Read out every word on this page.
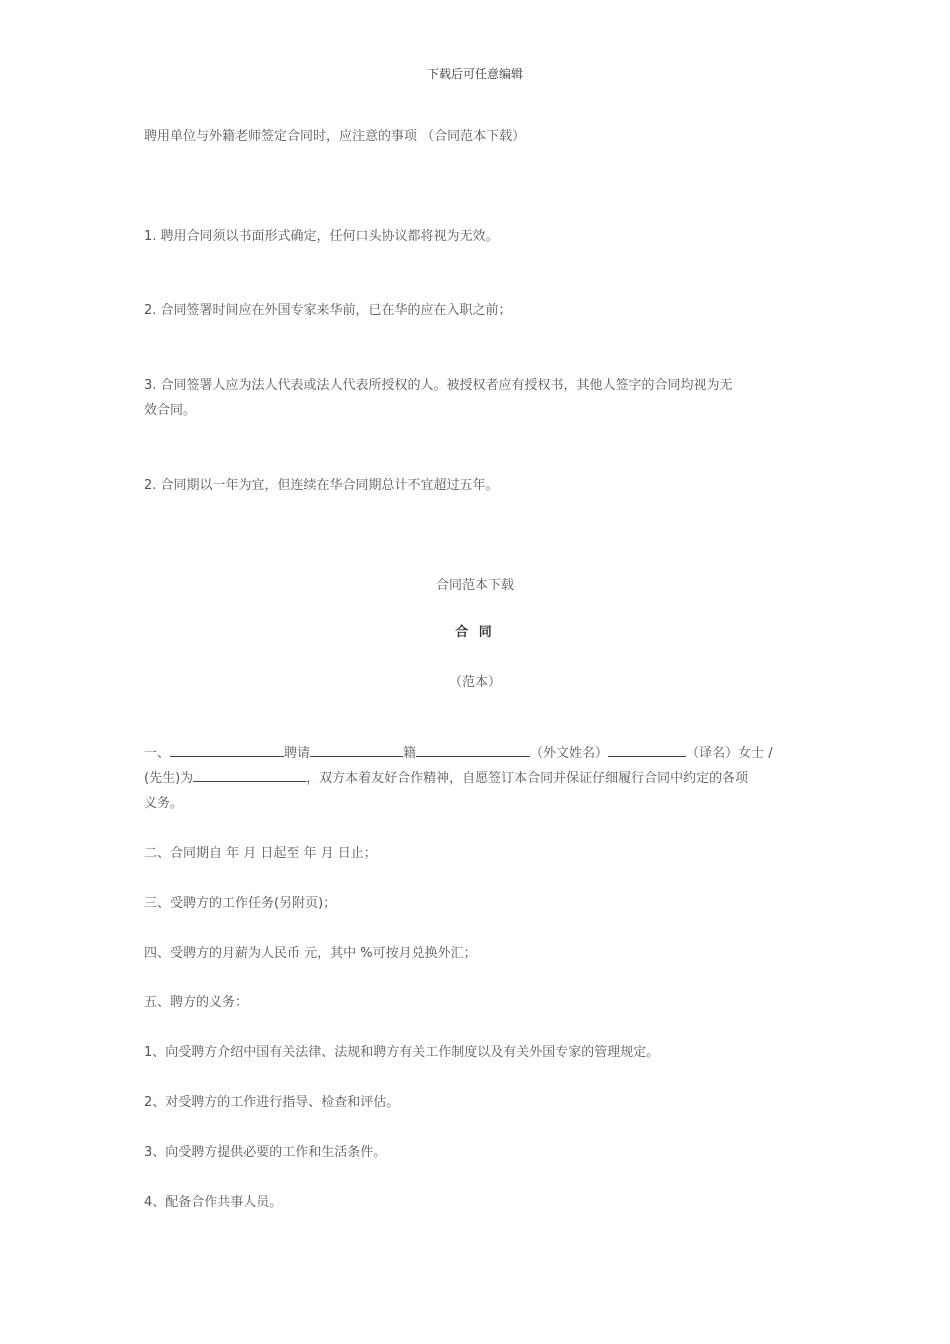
下载后可任意编辑
聘用单位与外籍老师签定合同时，应注意的事项 （合同范本下载）
1. 聘用合同须以书面形式确定，任何口头协议都将视为无效。
2. 合同签署时间应在外国专家来华前，已在华的应在入职之前；
3. 合同签署人应为法人代表或法人代表所授权的人。被授权者应有授权书，其他人签字的合同均视为无
效合同。
2. 合同期以一年为宜，但连续在华合同期总计不宜超过五年。
合同范本下载
合 同
（范本）
一、	聘请	籍	（外文姓名）	（译名）女士 /
(先生)为	，双方本着友好合作精神，自愿签订本合同并保证仔细履行合同中约定的各项
义务。
二、合同期自 年 月 日起至 年 月 日止；
三、受聘方的工作任务(另附页)；
四、受聘方的月薪为人民币 元，其中 %可按月兑换外汇；
五、聘方的义务：
1、向受聘方介绍中国有关法律、法规和聘方有关工作制度以及有关外国专家的管理规定。
2、对受聘方的工作进行指导、检查和评估。
3、向受聘方提供必要的工作和生活条件。
4、配备合作共事人员。
